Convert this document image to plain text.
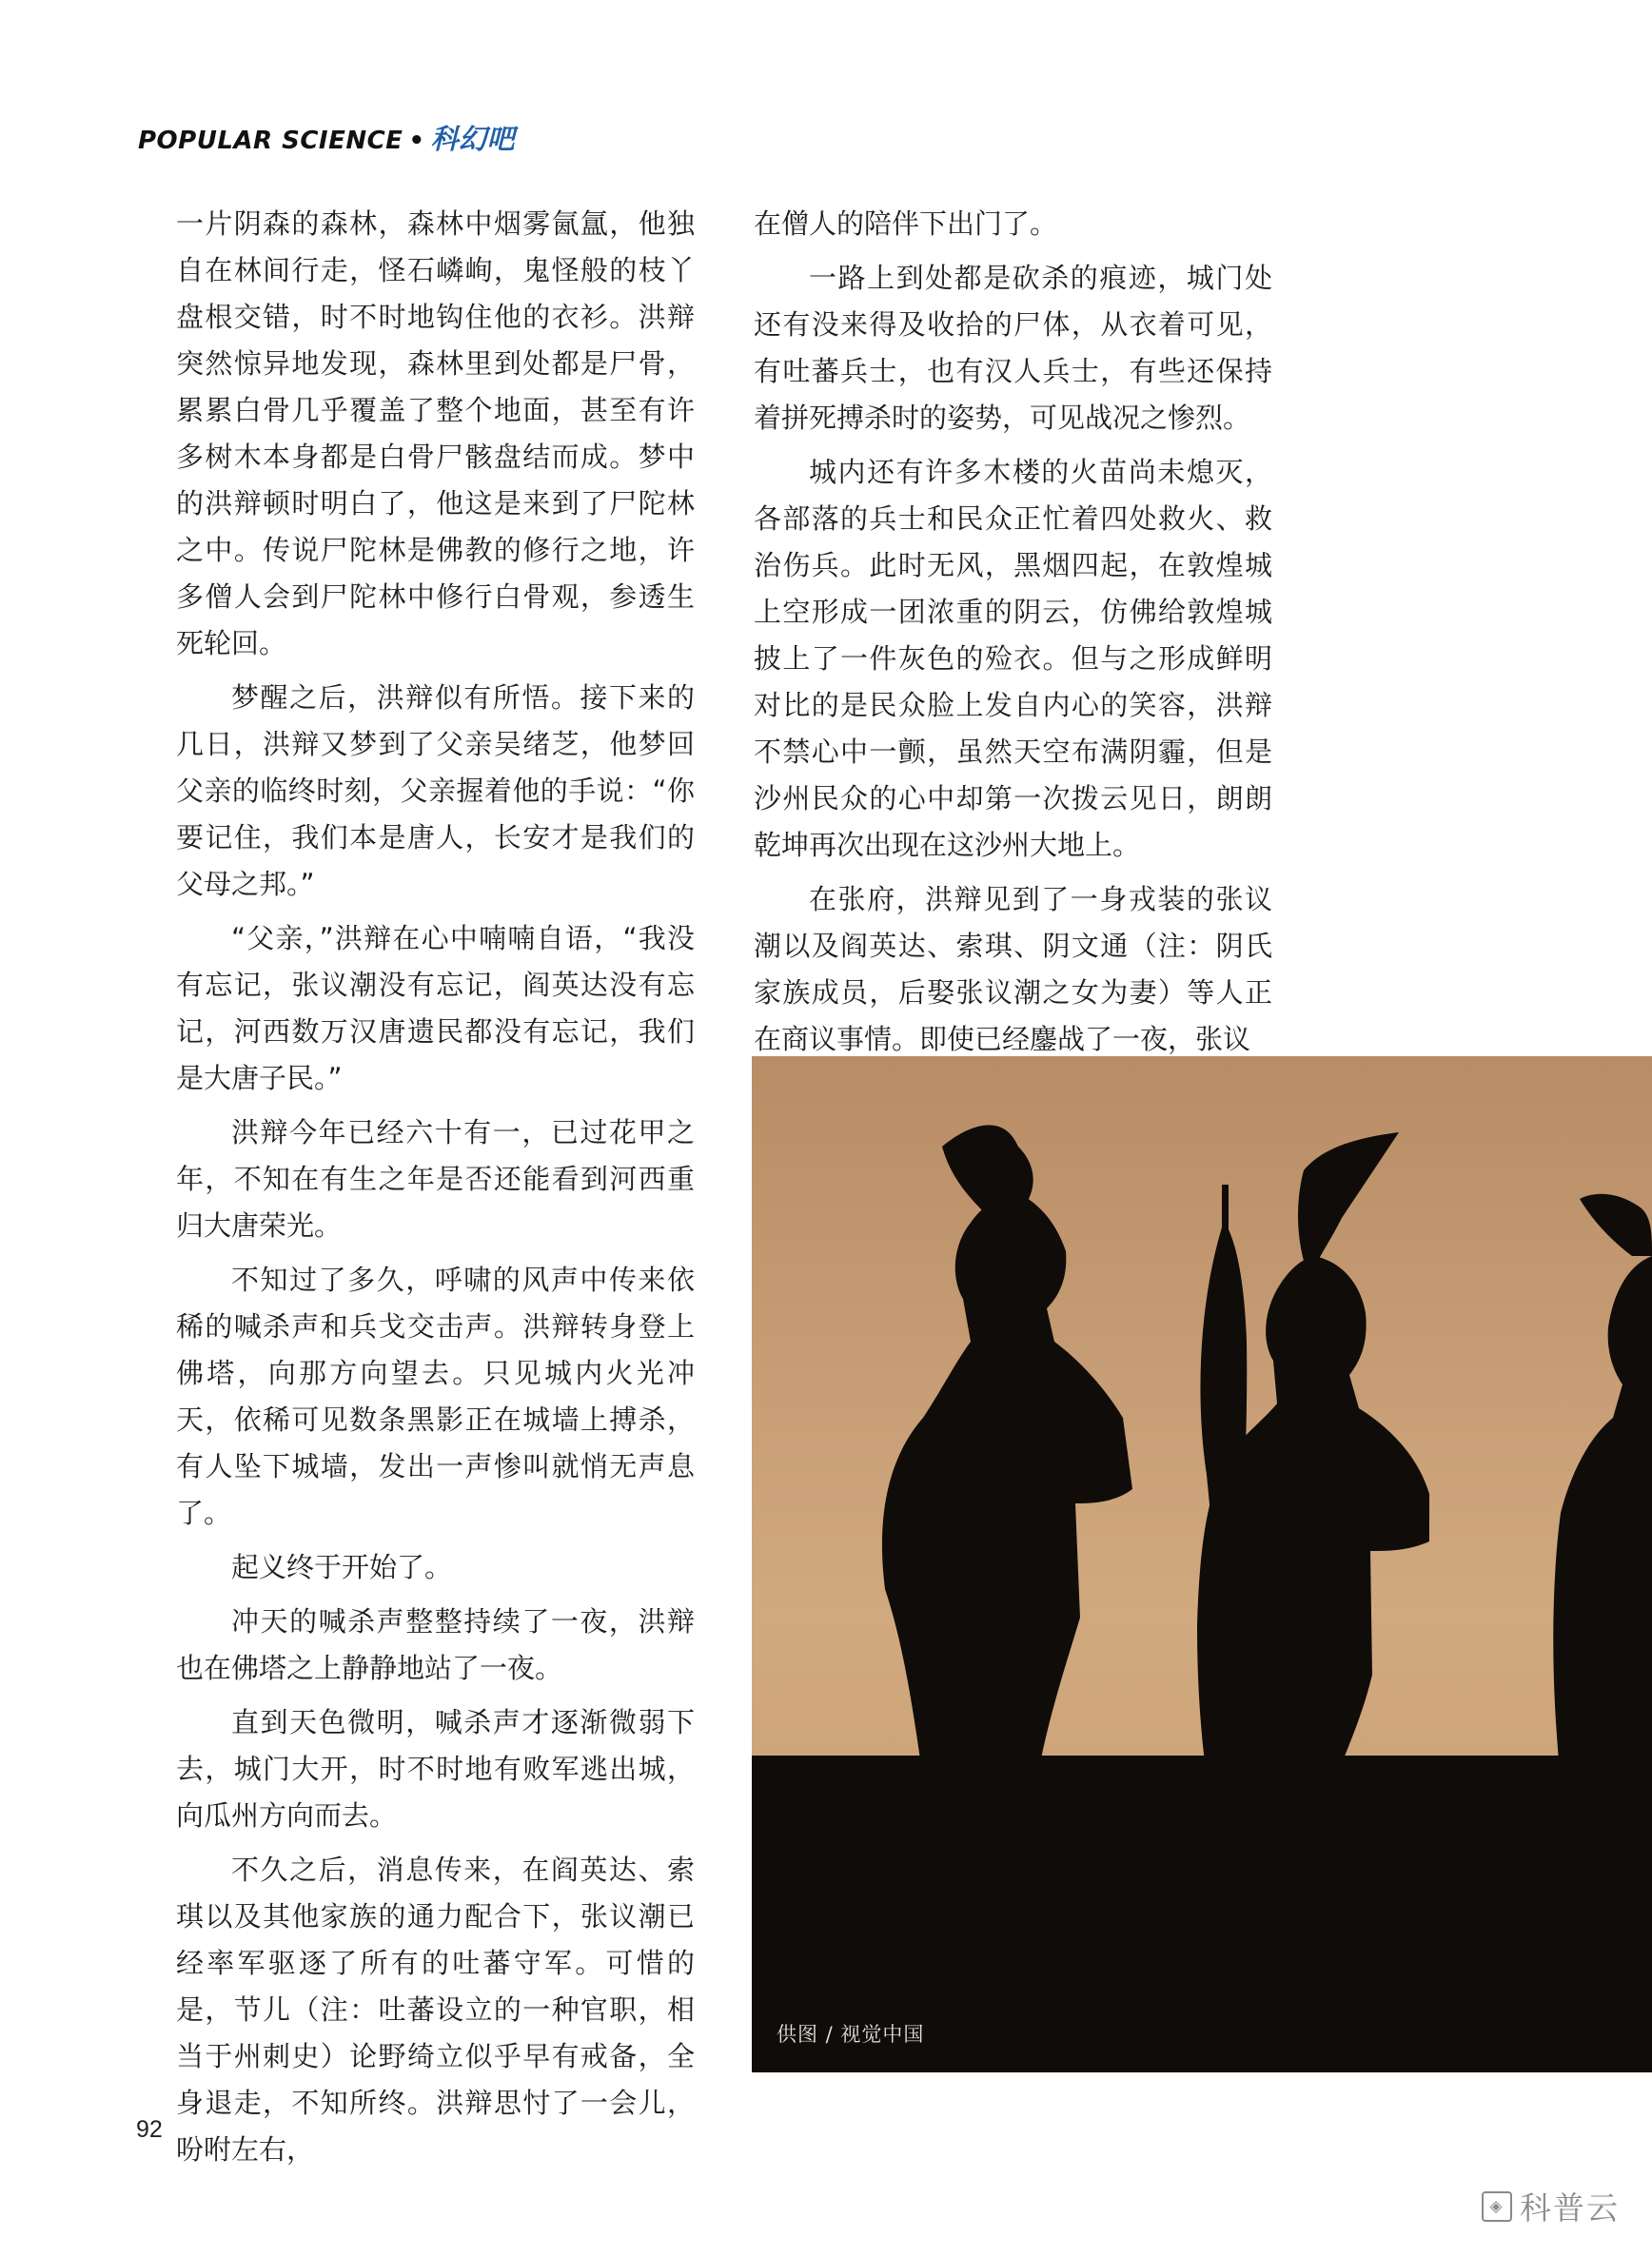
POPULAR SCIENCE • 科幻吧

一片阴森的森林，森林中烟雾氤氲，他独自在林间行走，怪石嶙峋，鬼怪般的枝丫盘根交错，时不时地钩住他的衣衫。洪辩突然惊异地发现，森林里到处都是尸骨，累累白骨几乎覆盖了整个地面，甚至有许多树木本身都是白骨尸骸盘结而成。梦中的洪辩顿时明白了，他这是来到了尸陀林之中。传说尸陀林是佛教的修行之地，许多僧人会到尸陀林中修行白骨观，参透生死轮回。

梦醒之后，洪辩似有所悟。接下来的几日，洪辩又梦到了父亲吴绪芝，他梦回父亲的临终时刻，父亲握着他的手说：“你要记住，我们本是唐人，长安才是我们的父母之邦。”

“父亲，”洪辩在心中喃喃自语，“我没有忘记，张议潮没有忘记，阎英达没有忘记，河西数万汉唐遗民都没有忘记，我们是大唐子民。”

洪辩今年已经六十有一，已过花甲之年，不知在有生之年是否还能看到河西重归大唐荣光。

不知过了多久，呼啸的风声中传来依稀的喊杀声和兵戈交击声。洪辩转身登上佛塔，向那方向望去。只见城内火光冲天，依稀可见数条黑影正在城墙上搏杀，有人坠下城墙，发出一声惨叫就悄无声息了。

起义终于开始了。

冲天的喊杀声整整持续了一夜，洪辩也在佛塔之上静静地站了一夜。

直到天色微明，喊杀声才逐渐微弱下去，城门大开，时不时地有败军逃出城，向瓜州方向而去。

不久之后，消息传来，在阎英达、索琪以及其他家族的通力配合下，张议潮已经率军驱逐了所有的吐蕃守军。可惜的是，节儿（注：吐蕃设立的一种官职，相当于州刺史）论野绮立似乎早有戒备，全身退走，不知所终。洪辩思忖了一会儿，吩咐左右，

在僧人的陪伴下出门了。

一路上到处都是砍杀的痕迹，城门处还有没来得及收拾的尸体，从衣着可见，有吐蕃兵士，也有汉人兵士，有些还保持着拼死搏杀时的姿势，可见战况之惨烈。

城内还有许多木楼的火苗尚未熄灭，各部落的兵士和民众正忙着四处救火、救治伤兵。此时无风，黑烟四起，在敦煌城上空形成一团浓重的阴云，仿佛给敦煌城披上了一件灰色的殓衣。但与之形成鲜明对比的是民众脸上发自内心的笑容，洪辩不禁心中一颤，虽然天空布满阴霾，但是沙州民众的心中却第一次拨云见日，朗朗乾坤再次出现在这沙州大地上。

在张府，洪辩见到了一身戎装的张议潮以及阎英达、索琪、阴文通（注：阴氏家族成员，后娶张议潮之女为妻）等人正在商议事情。即使已经鏖战了一夜，张议

供图 / 视觉中国
92
◈ 科普云
